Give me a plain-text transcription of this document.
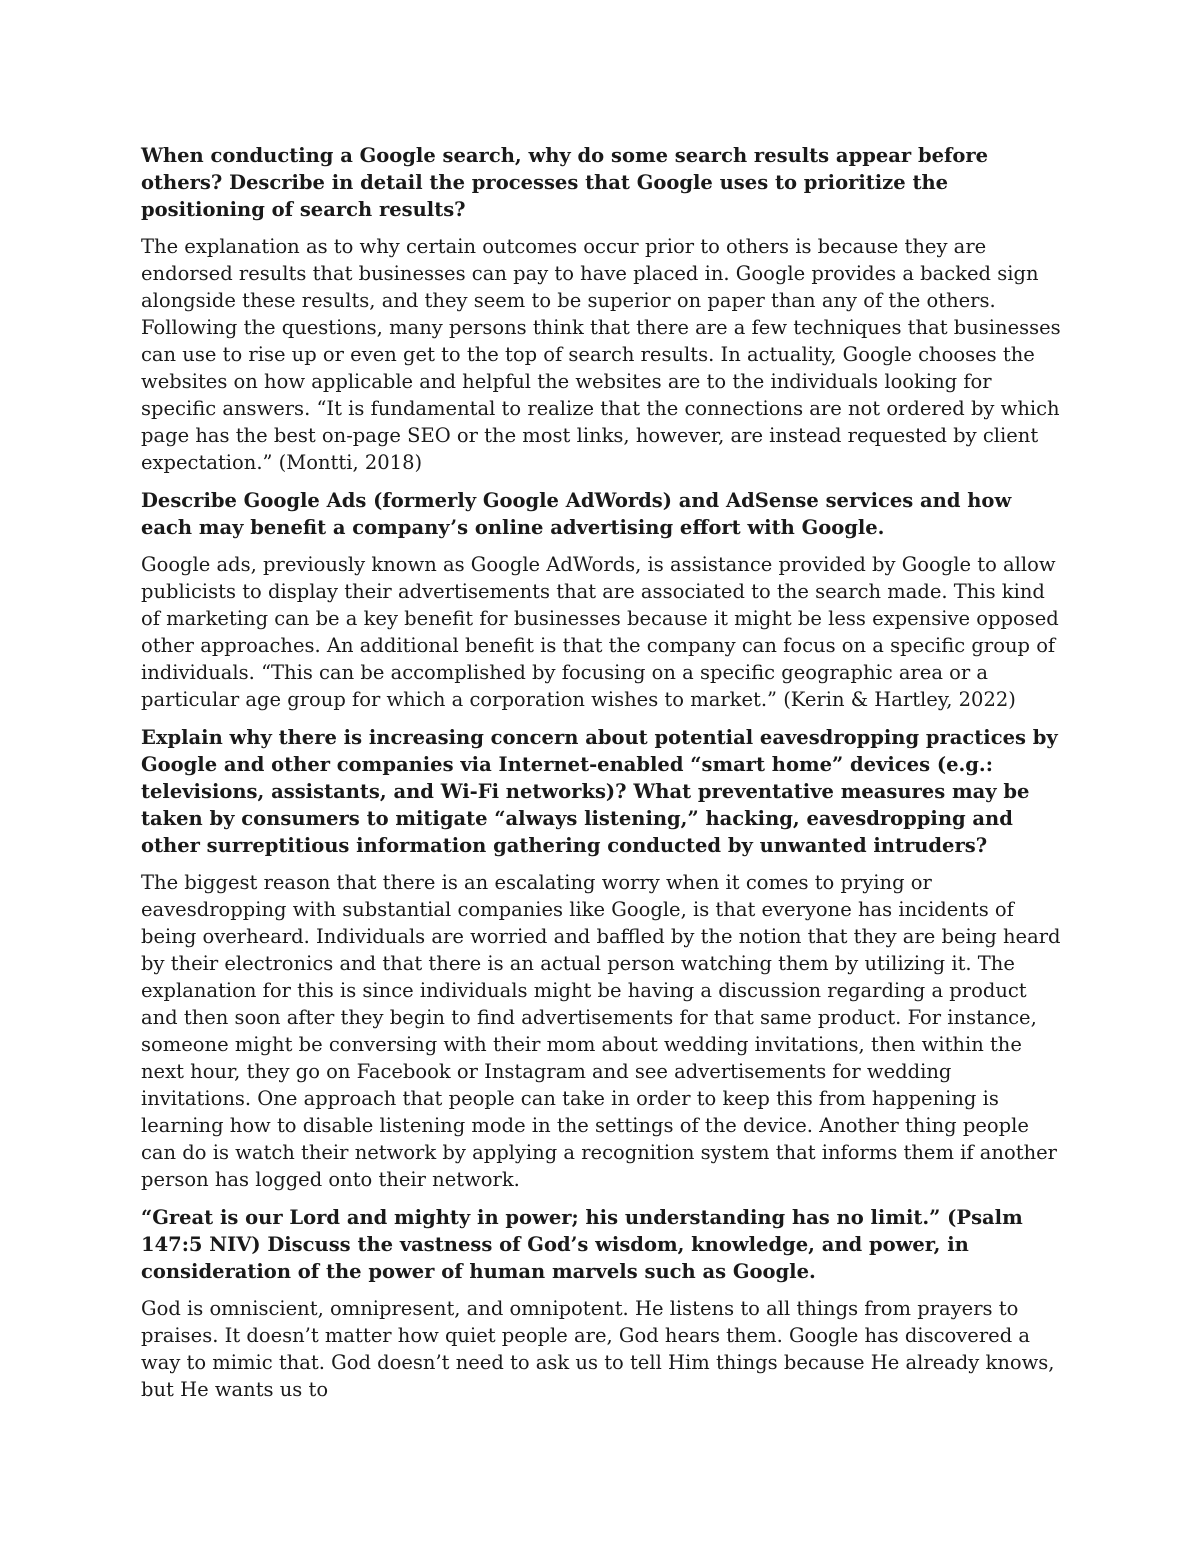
When conducting a Google search, why do some search results appear before others? Describe in detail the processes that Google uses to prioritize the positioning of search results?

The explanation as to why certain outcomes occur prior to others is because they are endorsed results that businesses can pay to have placed in. Google provides a backed sign alongside these results, and they seem to be superior on paper than any of the others. Following the questions, many persons think that there are a few techniques that businesses can use to rise up or even get to the top of search results. In actuality, Google chooses the websites on how applicable and helpful the websites are to the individuals looking for specific answers. “It is fundamental to realize that the connections are not ordered by which page has the best on-page SEO or the most links, however, are instead requested by client expectation.” (Montti, 2018)

Describe Google Ads (formerly Google AdWords) and AdSense services and how each may benefit a company’s online advertising effort with Google.

Google ads, previously known as Google AdWords, is assistance provided by Google to allow publicists to display their advertisements that are associated to the search made. This kind of marketing can be a key benefit for businesses because it might be less expensive opposed other approaches. An additional benefit is that the company can focus on a specific group of individuals. “This can be accomplished by focusing on a specific geographic area or a particular age group for which a corporation wishes to market.” (Kerin & Hartley, 2022)

Explain why there is increasing concern about potential eavesdropping practices by Google and other companies via Internet-enabled “smart home” devices (e.g.: televisions, assistants, and Wi-Fi networks)? What preventative measures may be taken by consumers to mitigate “always listening,” hacking, eavesdropping and other surreptitious information gathering conducted by unwanted intruders?

The biggest reason that there is an escalating worry when it comes to prying or eavesdropping with substantial companies like Google, is that everyone has incidents of being overheard. Individuals are worried and baffled by the notion that they are being heard by their electronics and that there is an actual person watching them by utilizing it. The explanation for this is since individuals might be having a discussion regarding a product and then soon after they begin to find advertisements for that same product. For instance, someone might be conversing with their mom about wedding invitations, then within the next hour, they go on Facebook or Instagram and see advertisements for wedding invitations. One approach that people can take in order to keep this from happening is learning how to disable listening mode in the settings of the device. Another thing people can do is watch their network by applying a recognition system that informs them if another person has logged onto their network.

“Great is our Lord and mighty in power; his understanding has no limit.” (Psalm 147:5 NIV) Discuss the vastness of God’s wisdom, knowledge, and power, in consideration of the power of human marvels such as Google.

God is omniscient, omnipresent, and omnipotent. He listens to all things from prayers to praises. It doesn’t matter how quiet people are, God hears them. Google has discovered a way to mimic that. God doesn’t need to ask us to tell Him things because He already knows, but He wants us to
